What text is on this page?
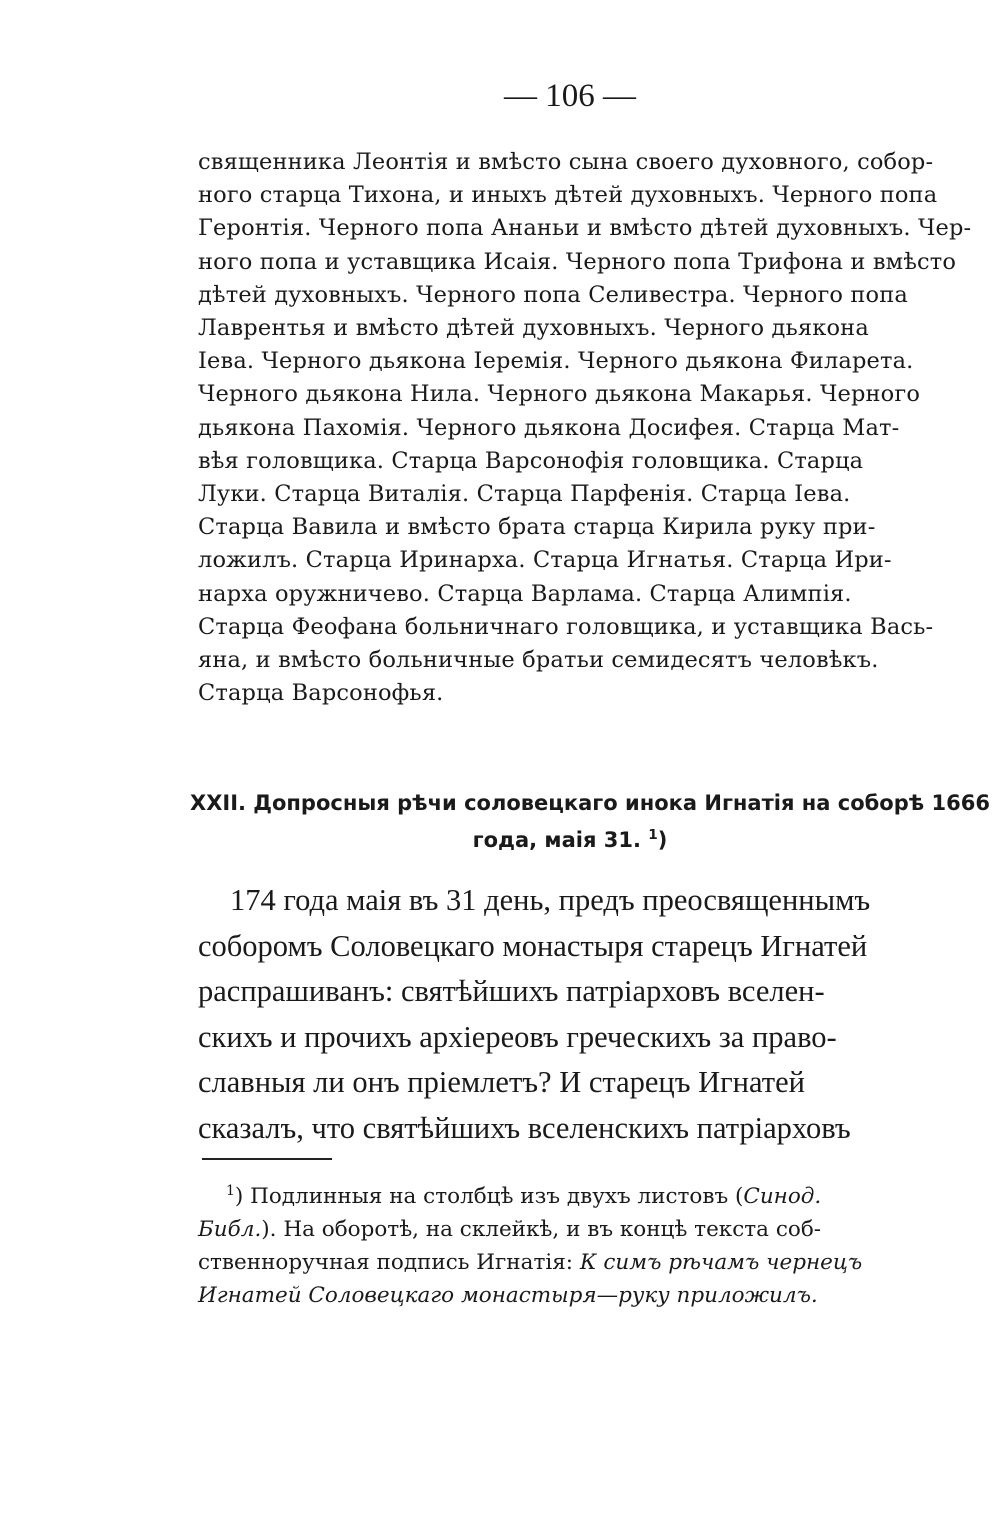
— 106 —
священника Леонтія и вмѣсто сына своего духовного, собор-
ного старца Тихона, и иныхъ дѣтей духовныхъ. Черного попа
Геронтія. Черного попа Ананьи и вмѣсто дѣтей духовныхъ. Чер-
ного попа и уставщика Исаія. Черного попа Трифона и вмѣсто
дѣтей духовныхъ. Черного попа Селивестра. Черного попа
Лаврентья и вмѣсто дѣтей духовныхъ. Черного дьякона
Іева. Черного дьякона Іеремія. Черного дьякона Филарета.
Черного дьякона Нила. Черного дьякона Макарья. Черного
дьякона Пахомія. Черного дьякона Досифея. Старца Мат-
вѣя головщика. Старца Варсонофія головщика. Старца
Луки. Старца Виталія. Старца Парфенія. Старца Іева.
Старца Вавила и вмѣсто брата старца Кирила руку при-
ложилъ. Старца Иринарха. Старца Игнатья. Старца Ири-
нарха оружничево. Старца Варлама. Старца Алимпія.
Старца Феофана больничнаго головщика, и уставщика Вась-
яна, и вмѣсто больничные братьи семидесятъ человѣкъ.
Старца Варсонофья.
XXII. Допросныя рѣчи соловецкаго инока Игнатія на соборѣ 1666
года, маія 31. $^1$)
174 года маія въ 31 день, предъ преосвященнымъ
соборомъ Соловецкаго монастыря старецъ Игнатей
распрашиванъ: святѣйшихъ патріарховъ вселен-
скихъ и прочихъ архіереовъ греческихъ за право-
славныя ли онъ пріемлетъ? И старецъ Игнатей
сказалъ, что святѣйшихъ вселенскихъ патріарховъ
$^1$) Подлинныя на столбцѣ изъ двухъ листовъ (Синод.
Библ.). На оборотѣ, на склейкѣ, и въ концѣ текста соб-
ственноручная подпись Игнатія: К симъ рѣчамъ чернецъ
Игнатей Соловецкаго монастыря—руку приложилъ.
